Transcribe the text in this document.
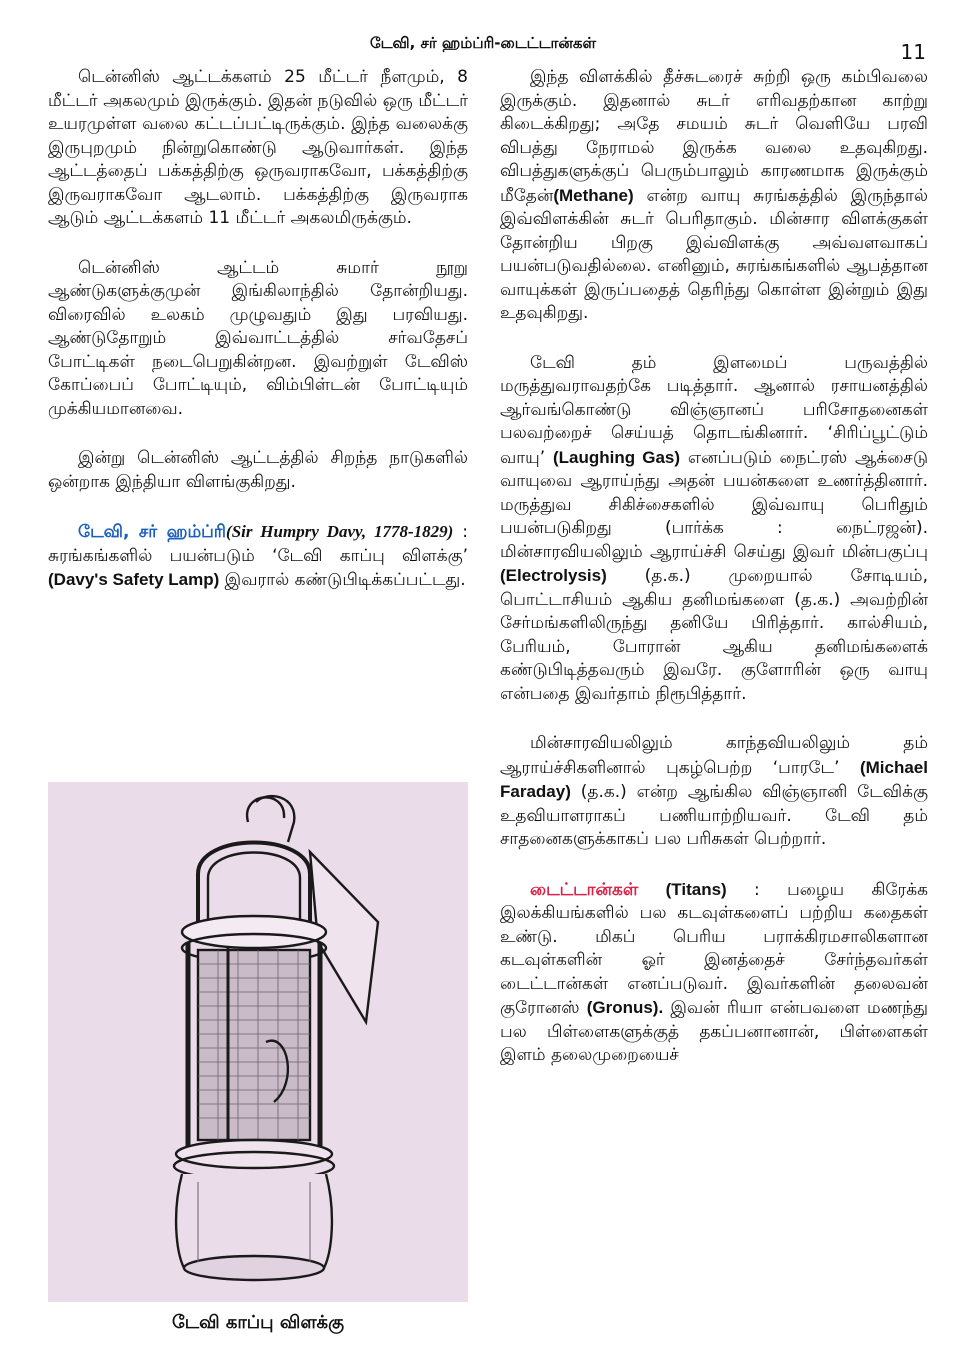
டேவி, சர் ஹம்ப்ரி-டைட்டான்கள்	11

டென்னிஸ் ஆட்டக்களம் 25 மீட்டர் நீளமும், 8 மீட்டர் அகலமும் இருக்கும். இதன் நடுவில் ஒரு மீட்டர் உயரமுள்ள வலை கட்டப்பட்டிருக்கும். இந்த வலைக்கு இருபுறமும் நின்றுகொண்டு ஆடுவார்கள். இந்த ஆட்டத்தைப் பக்கத்திற்கு ஒருவராகவோ, பக்கத்திற்கு இருவராகவோ ஆடலாம். பக்கத்திற்கு இருவராக ஆடும் ஆட்டக்களம் 11 மீட்டர் அகலமிருக்கும்.

டென்னிஸ் ஆட்டம் சுமார் நூறு ஆண்டுகளுக்குமுன் இங்கிலாந்தில் தோன்றியது. விரைவில் உலகம் முழுவதும் இது பரவியது. ஆண்டுதோறும் இவ்வாட்டத்தில் சர்வதேசப் போட்டிகள் நடைபெறுகின்றன. இவற்றுள் டேவிஸ் கோப்பைப் போட்டியும், விம்பிள்டன் போட்டியும் முக்கியமானவை.

இன்று டென்னிஸ் ஆட்டத்தில் சிறந்த நாடுகளில் ஒன்றாக இந்தியா விளங்குகிறது.

டேவி, சர் ஹம்ப்ரி(Sir Humpry Davy, 1778-1829) : சுரங்கங்களில் பயன்படும் ‘டேவி காப்பு விளக்கு’ (Davy's Safety Lamp) இவரால் கண்டுபிடிக்கப்பட்டது.

டேவி காப்பு விளக்கு

இந்த விளக்கில் தீச்சுடரைச் சுற்றி ஒரு கம்பிவலை இருக்கும். இதனால் சுடர் எரிவதற்கான காற்று கிடைக்கிறது; அதே சமயம் சுடர் வெளியே பரவி விபத்து நேராமல் இருக்க வலை உதவுகிறது. விபத்துகளுக்குப் பெரும்பாலும் காரணமாக இருக்கும் மீதேன்(Methane) என்ற வாயு சுரங்கத்தில் இருந்தால் இவ்விளக்கின் சுடர் பெரிதாகும். மின்சார விளக்குகள் தோன்றிய பிறகு இவ்விளக்கு அவ்வளவாகப் பயன்படுவதில்லை. எனினும், சுரங்கங்களில் ஆபத்தான வாயுக்கள் இருப்பதைத் தெரிந்து கொள்ள இன்றும் இது உதவுகிறது.

டேவி தம் இளமைப் பருவத்தில் மருத்துவராவதற்கே படித்தார். ஆனால் ரசாயனத்தில் ஆர்வங்கொண்டு விஞ்ஞானப் பரிசோதனைகள் பலவற்றைச் செய்யத் தொடங்கினார். ‘சிரிப்பூட்டும் வாயு’ (Laughing Gas) எனப்படும் நைட்ரஸ் ஆக்சைடு வாயுவை ஆராய்ந்து அதன் பயன்களை உணர்த்தினார். மருத்துவ சிகிச்சைகளில் இவ்வாயு பெரிதும் பயன்படுகிறது (பார்க்க : நைட்ரஜன்). மின்சாரவியலிலும் ஆராய்ச்சி செய்து இவர் மின்பகுப்பு (Electrolysis) (த.க.) முறையால் சோடியம், பொட்டாசியம் ஆகிய தனிமங்களை (த.க.) அவற்றின் சேர்மங்களிலிருந்து தனியே பிரித்தார். கால்சியம், பேரியம், போரான் ஆகிய தனிமங்களைக் கண்டுபிடித்தவரும் இவரே. குளோரின் ஒரு வாயு என்பதை இவர்தாம் நிரூபித்தார்.

மின்சாரவியலிலும் காந்தவியலிலும் தம் ஆராய்ச்சிகளினால் புகழ்பெற்ற ‘பாரடே’ (Michael Faraday) (த.க.) என்ற ஆங்கில விஞ்ஞானி டேவிக்கு உதவியாளராகப் பணியாற்றியவர். டேவி தம் சாதனைகளுக்காகப் பல பரிசுகள் பெற்றார்.

டைட்டான்கள் (Titans) : பழைய கிரேக்க இலக்கியங்களில் பல கடவுள்களைப் பற்றிய கதைகள் உண்டு. மிகப் பெரிய பராக்கிரமசாலிகளான கடவுள்களின் ஓர் இனத்தைச் சேர்ந்தவர்கள் டைட்டான்கள் எனப்படுவர். இவர்களின் தலைவன் குரோனஸ் (Gronus). இவன் ரியா என்பவளை மணந்து பல பிள்ளைகளுக்குத் தகப்பனானான், பிள்ளைகள் இளம் தலைமுறையைச்
